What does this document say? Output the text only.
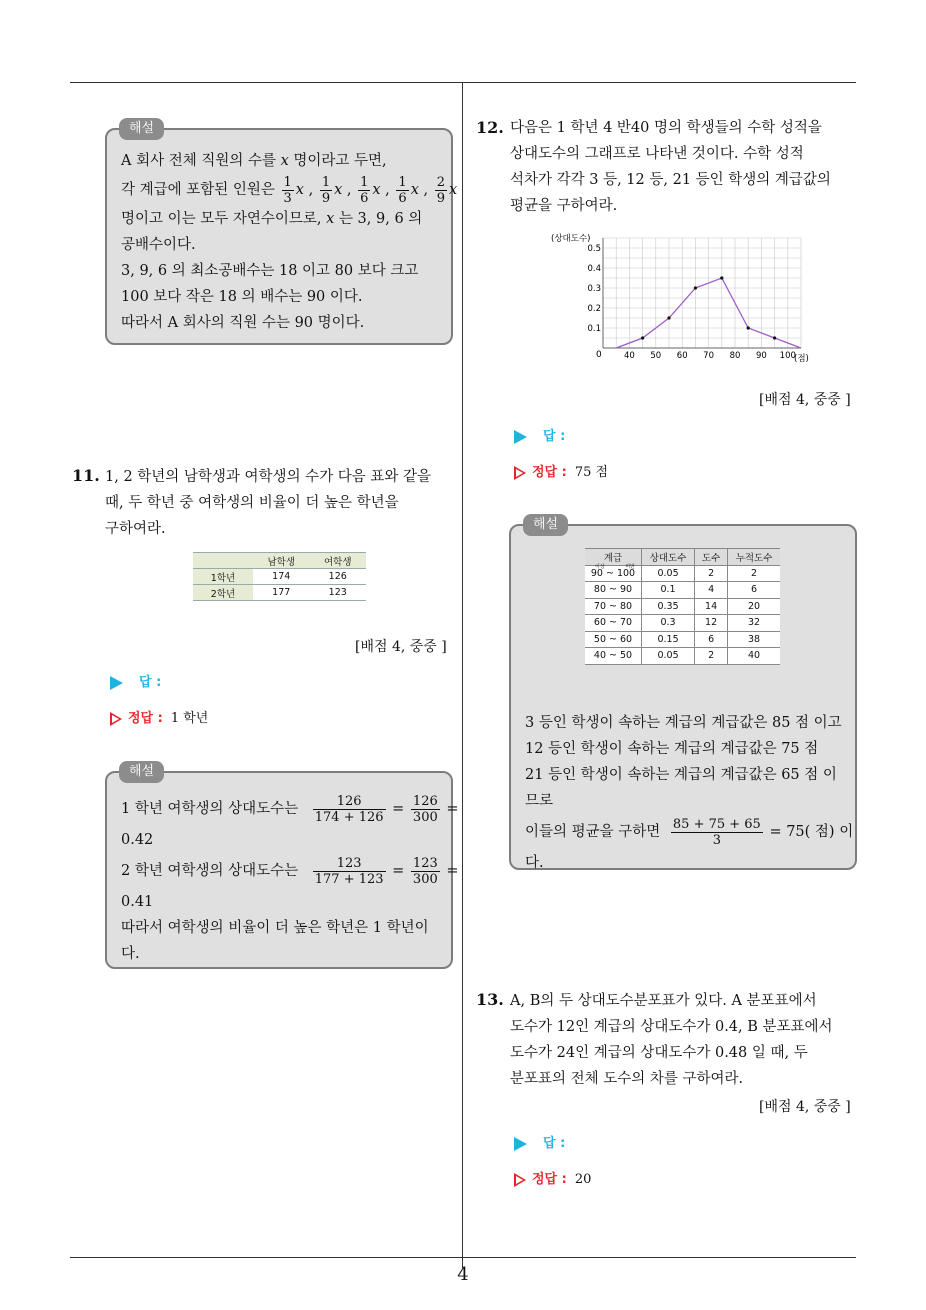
해설
A 회사 전체 직원의 수를 x 명이라고 두면,
각 계급에 포함된 인원은 $\frac{1}{3}$ x , $\frac{1}{9}$ x , $\frac{1}{6}$ x , $\frac{1}{6}$ x , $\frac{2}{9}$ x
명이고 이는 모두 자연수이므로, x 는 3, 9, 6 의
공배수이다.
3, 9, 6 의 최소공배수는 18 이고 80 보다 크고
100 보다 작은 18 의 배수는 90 이다.
따라서 A 회사의 직원 수는 90 명이다.
11. 1, 2 학년의 남학생과 여학생의 수가 다음 표와 같을
때, 두 학년 중 여학생의 비율이 더 높은 학년을
구하여라.
	남학생	여학생
1학년	174	126
2학년	177	123
[배점 4, 중중 ]
답 :
정답 : 1 학년
해설
1 학년 여학생의 상대도수는 $\frac{126}{174 + 126} = \frac{126}{300}$ =
0.42
2 학년 여학생의 상대도수는 $\frac{123}{177 + 123} = \frac{123}{300}$ =
0.41
따라서 여학생의 비율이 더 높은 학년은 1 학년이
다.
12. 다음은 1 학년 4 반40 명의 학생들의 수학 성적을
상대도수의 그래프로 나타낸 것이다. 수학 성적
석차가 각각 3 등, 12 등, 21 등인 학생의 계급값의
평균을 구하여라.
40 50 60 70 80 90 100
0.1
0.2
0.3
0.4
0.5
(상대도수)
(점)
0
[배점 4, 중중 ]
답 :
정답 : 75 점
해설
3 등인 학생이 속하는 계급의 계급값은 85 점 이고
12 등인 학생이 속하는 계급의 계급값은 75 점
21 등인 학생이 속하는 계급의 계급값은 65 점 이
므로
이들의 평균을 구하면 $\frac{85 + 75 + 65}{3} = 75$( 점) 이
다.
계급	상대도수	도수	누적도수

이상 미만
90 ~ 100	0.05	2	2
80 ~ 90	0.1	4	6
70 ~ 80	0.35	14	20
60 ~ 70	0.3	12	32
50 ~ 60	0.15	6	38
40 ~ 50	0.05	2	40
13. A, B의 두 상대도수분포표가 있다. A 분포표에서
도수가 12인 계급의 상대도수가 0.4, B 분포표에서
도수가 24인 계급의 상대도수가 0.48 일 때, 두
분포표의 전체 도수의 차를 구하여라.
[배점 4, 중중 ]
답 :
정답 : 20
4
